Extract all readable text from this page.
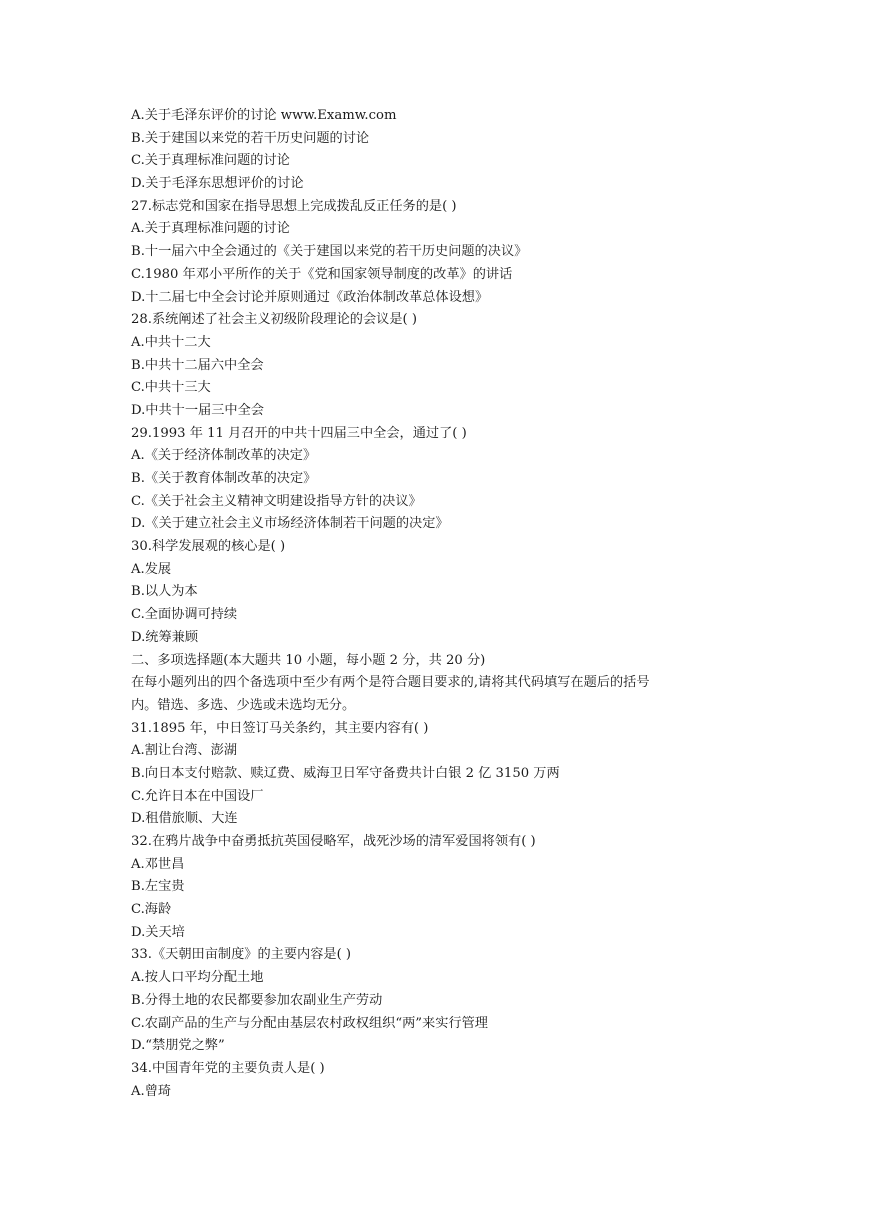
A.关于毛泽东评价的讨论 www.Examw.com
B.关于建国以来党的若干历史问题的讨论
C.关于真理标准问题的讨论
D.关于毛泽东思想评价的讨论
27.标志党和国家在指导思想上完成拨乱反正任务的是( )
A.关于真理标准问题的讨论
B.十一届六中全会通过的《关于建国以来党的若干历史问题的决议》
C.1980 年邓小平所作的关于《党和国家领导制度的改革》的讲话
D.十二届七中全会讨论并原则通过《政治体制改革总体设想》
28.系统阐述了社会主义初级阶段理论的会议是( )
A.中共十二大
B.中共十二届六中全会
C.中共十三大
D.中共十一届三中全会
29.1993 年 11 月召开的中共十四届三中全会，通过了( )
A.《关于经济体制改革的决定》
B.《关于教育体制改革的决定》
C.《关于社会主义精神文明建设指导方针的决议》
D.《关于建立社会主义市场经济体制若干问题的决定》
30.科学发展观的核心是( )
A.发展
B.以人为本
C.全面协调可持续
D.统筹兼顾
二、多项选择题(本大题共 10 小题，每小题 2 分，共 20 分)
在每小题列出的四个备选项中至少有两个是符合题目要求的,请将其代码填写在题后的括号
内。错选、多选、少选或未选均无分。
31.1895 年，中日签订马关条约，其主要内容有( )
A.割让台湾、澎湖
B.向日本支付赔款、赎辽费、威海卫日军守备费共计白银 2 亿 3150 万两
C.允许日本在中国设厂
D.租借旅顺、大连
32.在鸦片战争中奋勇抵抗英国侵略军，战死沙场的清军爱国将领有( )
A.邓世昌
B.左宝贵
C.海龄
D.关天培
33.《天朝田亩制度》的主要内容是( )
A.按人口平均分配土地
B.分得土地的农民都要参加农副业生产劳动
C.农副产品的生产与分配由基层农村政权组织“两”来实行管理
D.“禁朋党之弊”
34.中国青年党的主要负责人是( )
A.曾琦
